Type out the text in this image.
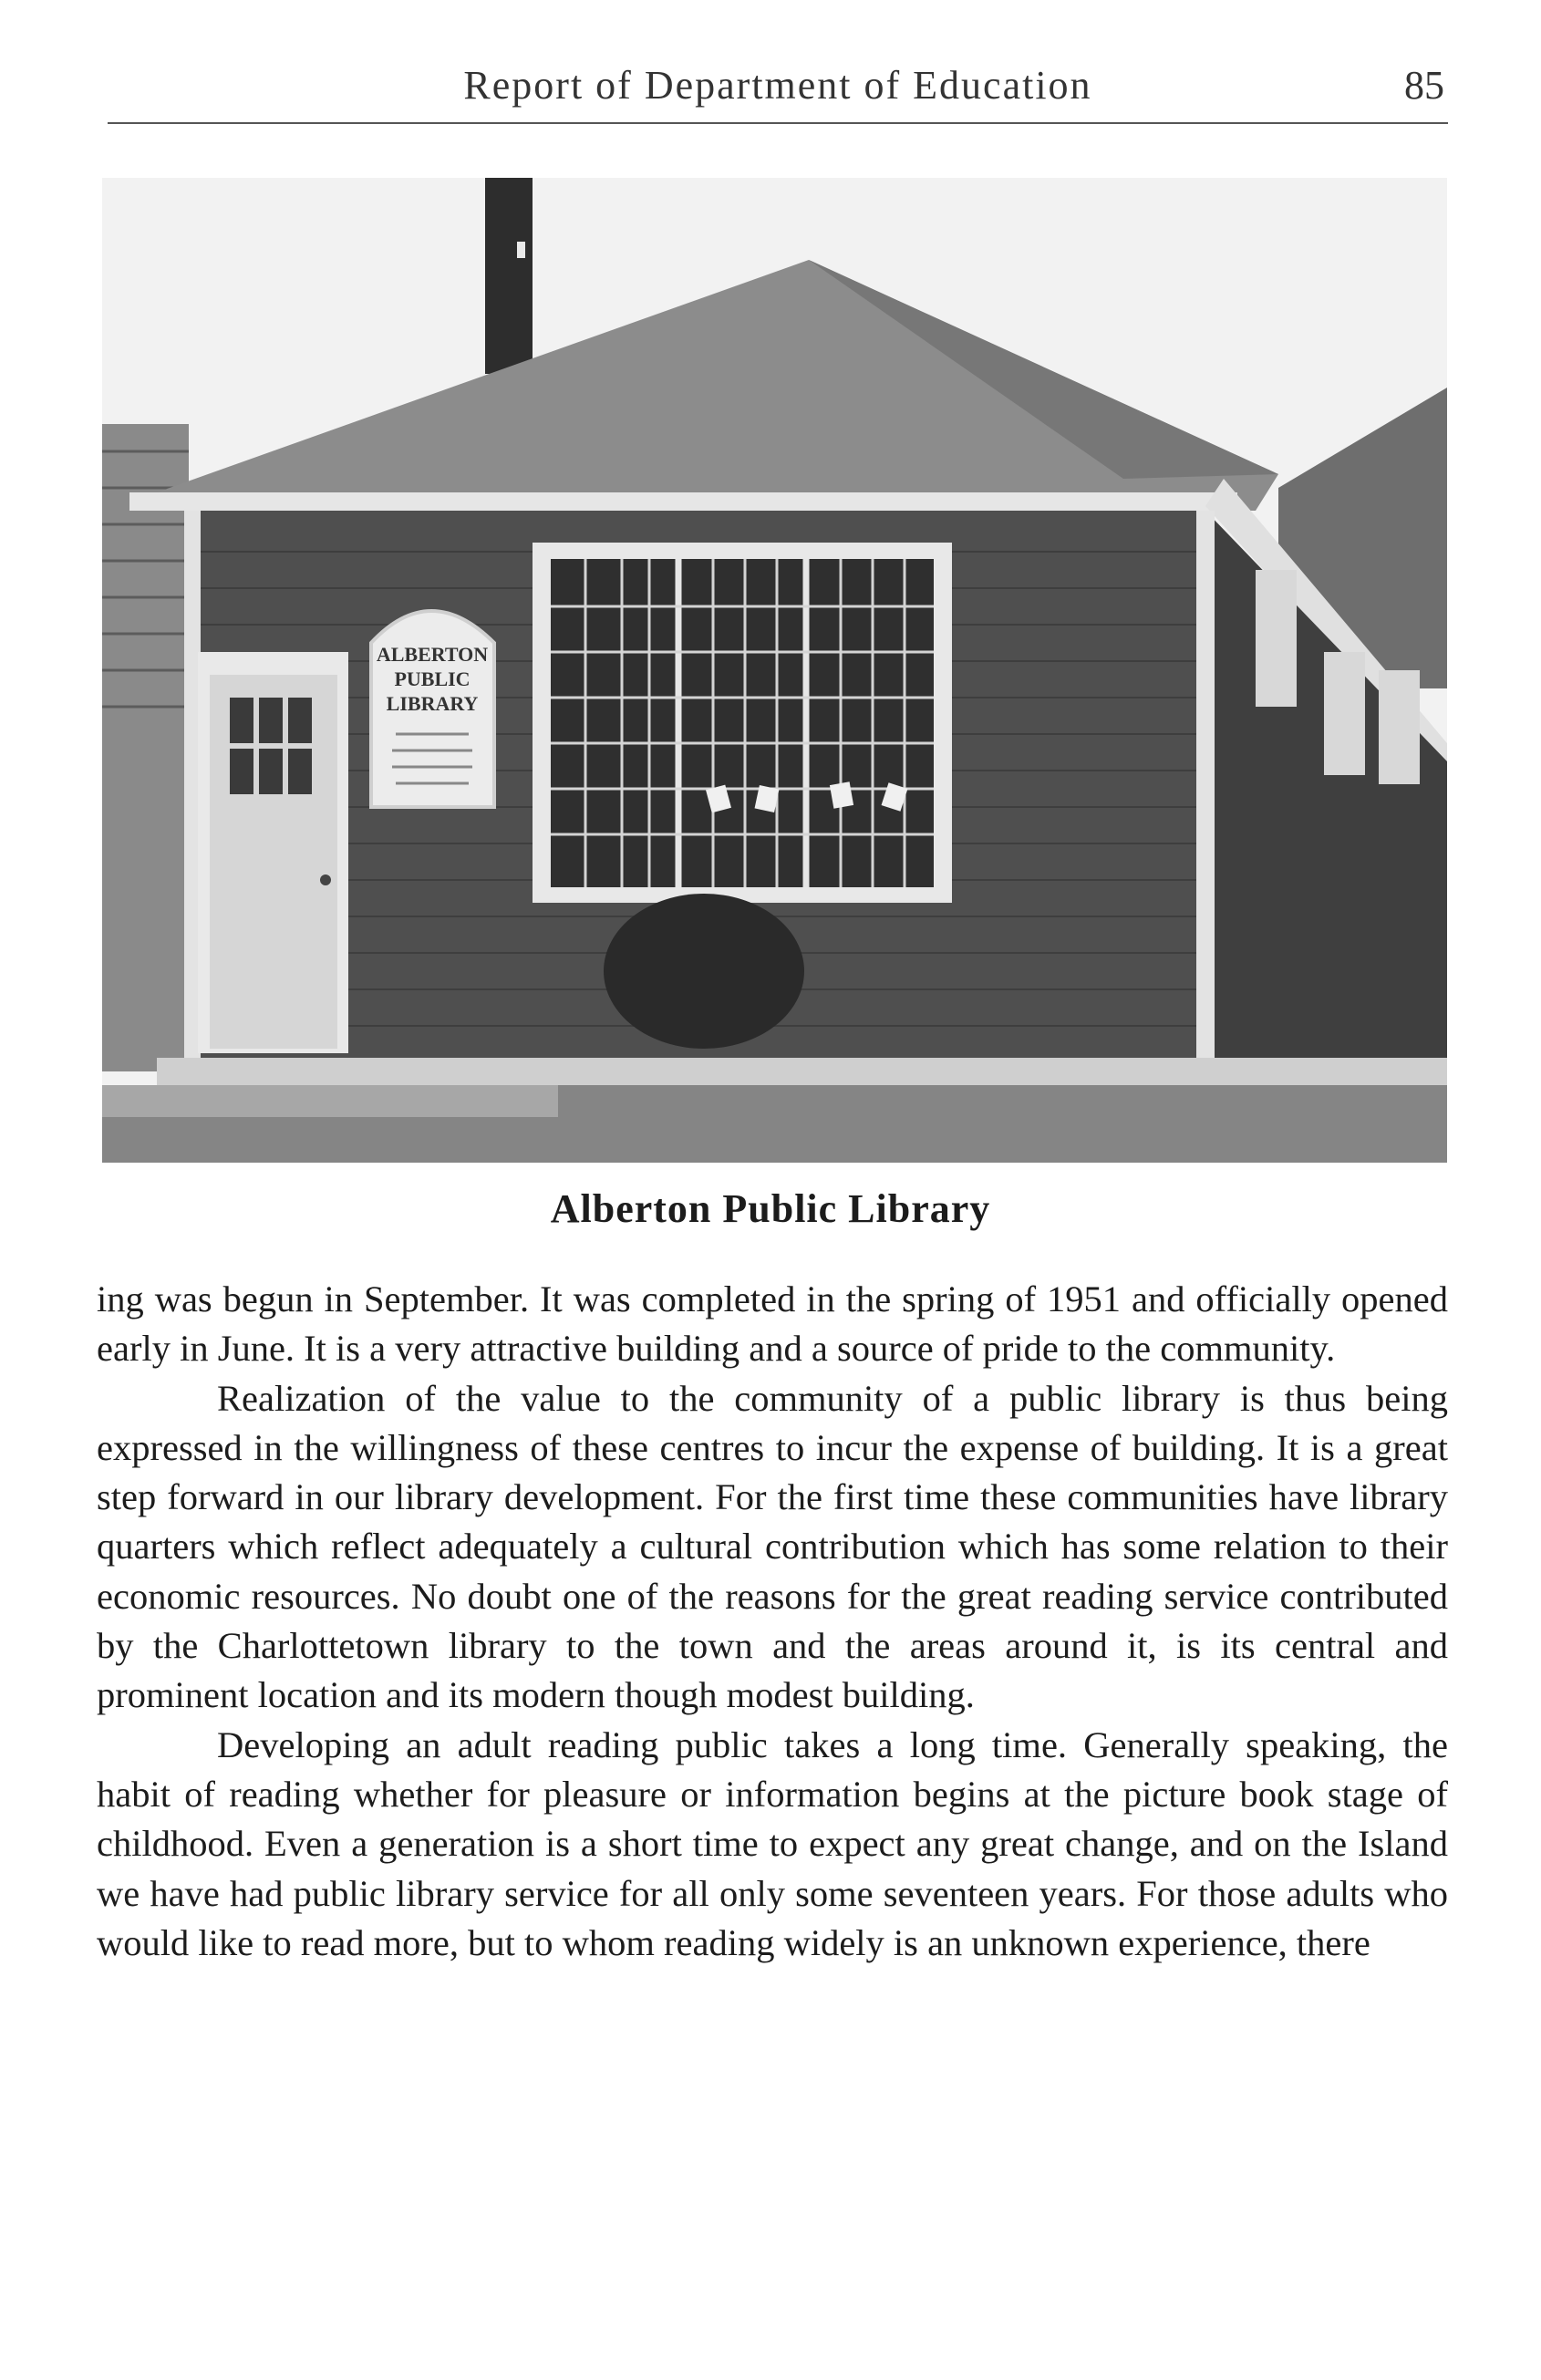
Report of Department of Education	85
ALBERTON
PUBLIC
LIBRARY
Alberton Public Library

ing was begun in September. It was completed in the spring of 1951 and officially opened early in June. It is a very attractive building and a source of pride to the community.

Realization of the value to the community of a public library is thus being expressed in the willingness of these centres to incur the expense of building. It is a great step forward in our library development. For the first time these communities have library quarters which reflect adequately a cultural contribution which has some relation to their economic resources. No doubt one of the reasons for the great reading service contributed by the Charlottetown library to the town and the areas around it, is its central and prominent location and its modern though modest building.

Developing an adult reading public takes a long time. Generally speaking, the habit of reading whether for pleasure or information begins at the picture book stage of childhood. Even a generation is a short time to expect any great change, and on the Island we have had public library service for all only some seventeen years. For those adults who would like to read more, but to whom reading widely is an unknown experience, there
